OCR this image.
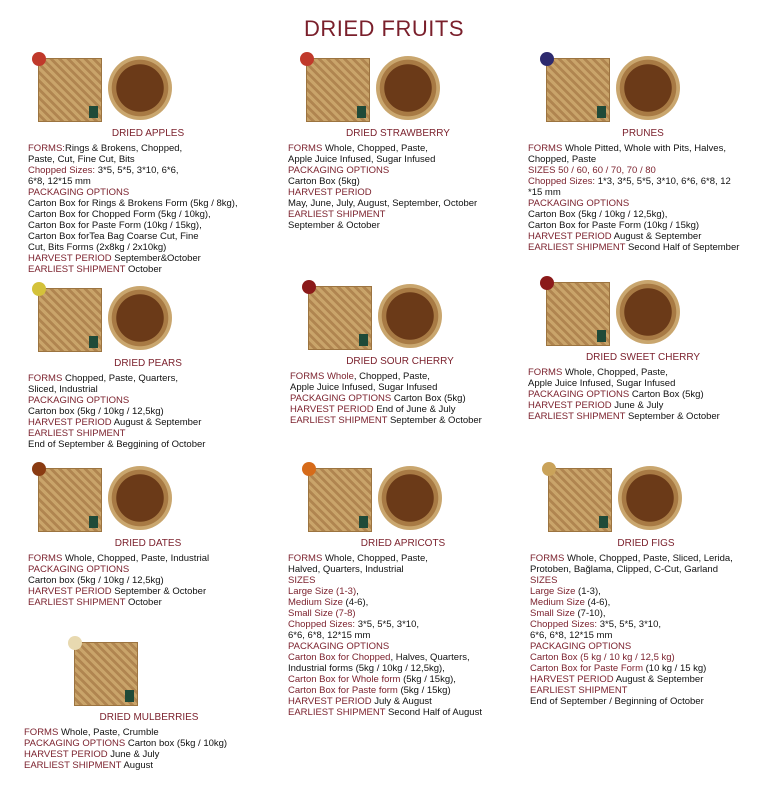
DRIED FRUITS
DRIED APPLES
FORMS:Rings & Brokens, Chopped,
Paste, Cut, Fine Cut, Bits
Chopped Sizes: 3*5, 5*5, 3*10, 6*6,
6*8, 12*15 mm
PACKAGING OPTIONS
Carton Box for Rings & Brokens Form (5kg / 8kg),
Carton Box for Chopped Form (5kg / 10kg),
Carton Box for Paste Form (10kg / 15kg),
Carton Box forTea Bag Coarse Cut, Fine
Cut, Bits Forms (2x8kg / 2x10kg)
HARVEST PERIOD September&October
EARLIEST SHIPMENT October
DRIED STRAWBERRY
FORMS Whole, Chopped, Paste,
Apple Juice Infused, Sugar Infused
PACKAGING OPTIONS
Carton Box (5kg)
HARVEST PERIOD
May, June, July, August, September, October
EARLIEST SHIPMENT
September & October
PRUNES
FORMS Whole Pitted, Whole with Pits, Halves,
Chopped, Paste
SIZES 50 / 60, 60 / 70, 70 / 80
Chopped Sizes: 1*3, 3*5, 5*5, 3*10, 6*6, 6*8, 12
*15 mm
PACKAGING OPTIONS
Carton Box (5kg / 10kg / 12,5kg),
Carton Box for Paste Form (10kg / 15kg)
HARVEST PERIOD August & September
EARLIEST SHIPMENT Second Half of September
DRIED PEARS
FORMS Chopped, Paste, Quarters,
Sliced, Industrial
PACKAGING OPTIONS
Carton box (5kg / 10kg / 12,5kg)
HARVEST PERIOD August & September
EARLIEST SHIPMENT
End of September & Beggining of October
DRIED SOUR CHERRY
FORMS Whole, Chopped, Paste,
Apple Juice Infused, Sugar Infused
PACKAGING OPTIONS Carton Box (5kg)
HARVEST PERIOD End of June & July
EARLIEST SHIPMENT September & October
DRIED SWEET CHERRY
FORMS Whole, Chopped, Paste,
Apple Juice Infused, Sugar Infused
PACKAGING OPTIONS Carton Box (5kg)
HARVEST PERIOD June & July
EARLIEST SHIPMENT September & October
DRIED DATES
FORMS Whole, Chopped, Paste, Industrial
PACKAGING OPTIONS
Carton box (5kg / 10kg / 12,5kg)
HARVEST PERIOD September & October
EARLIEST SHIPMENT October
DRIED APRICOTS
FORMS Whole, Chopped, Paste,
Halved, Quarters, Industrial
SIZES
Large Size (1-3),
Medium Size (4-6),
Small Size (7-8)
Chopped Sizes: 3*5, 5*5, 3*10,
6*6, 6*8, 12*15 mm
PACKAGING OPTIONS
Carton Box for Chopped, Halves, Quarters,
Industrial forms (5kg / 10kg / 12,5kg),
Carton Box for Whole form (5kg / 15kg),
Carton Box for Paste form (5kg / 15kg)
HARVEST PERIOD July & August
EARLIEST SHIPMENT Second Half of August
DRIED FIGS
FORMS Whole, Chopped, Paste, Sliced, Lerida,
Protoben, Bağlama, Clipped, C-Cut, Garland
SIZES
Large Size (1-3),
Medium Size (4-6),
Small Size (7-10),
Chopped Sizes: 3*5, 5*5, 3*10,
6*6, 6*8, 12*15 mm
PACKAGING OPTIONS
Carton Box (5 kg / 10 kg / 12,5 kg)
Carton Box for Paste Form (10 kg / 15 kg)
HARVEST PERIOD August & September
EARLIEST SHIPMENT
End of September / Beginning of October
DRIED MULBERRIES
FORMS Whole, Paste, Crumble
PACKAGING OPTIONS Carton box (5kg / 10kg)
HARVEST PERIOD June & July
EARLIEST SHIPMENT August
